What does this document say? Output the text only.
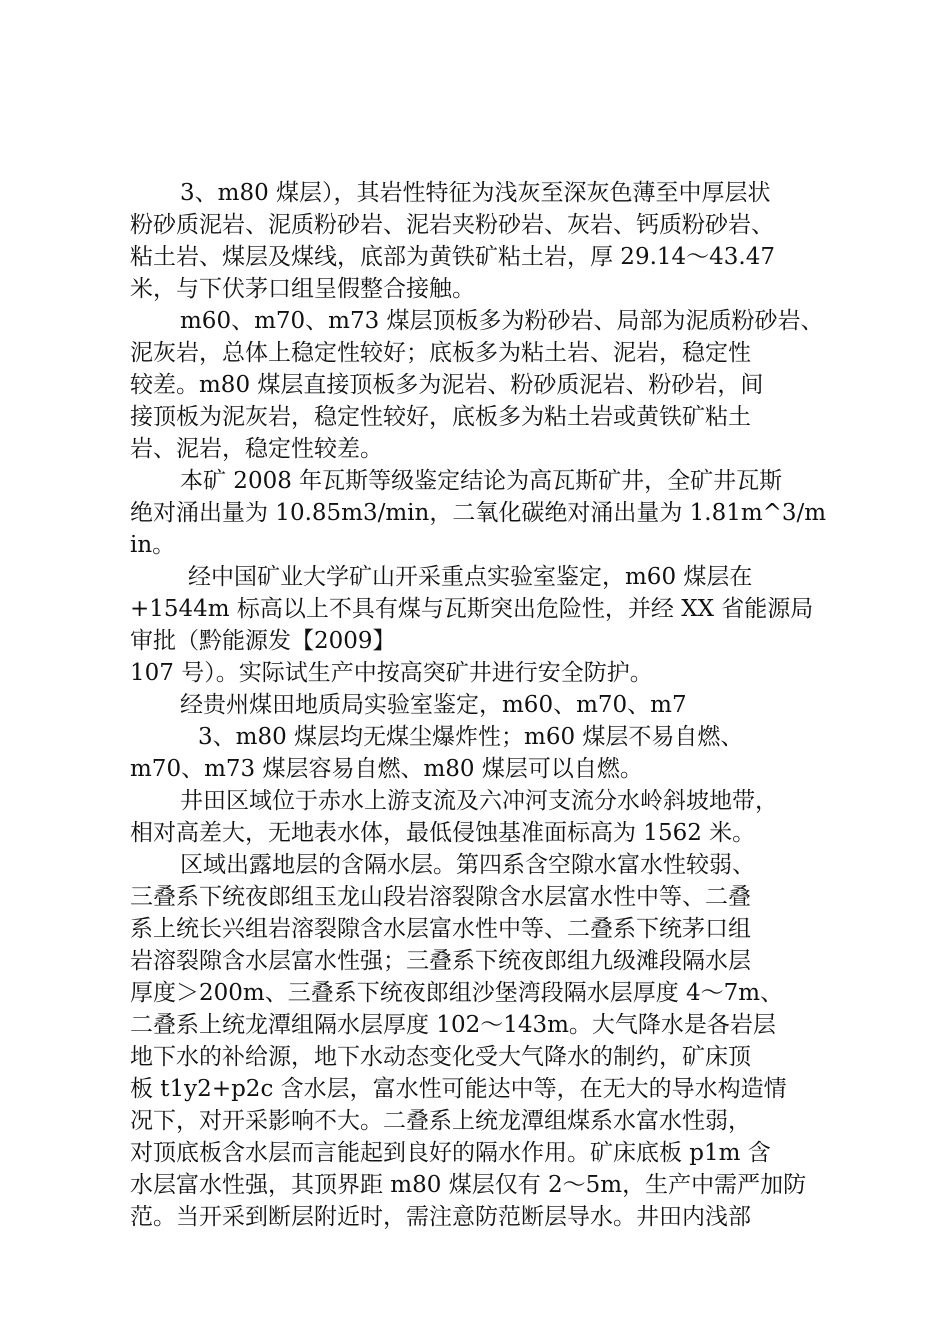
3、m80 煤层），其岩性特征为浅灰至深灰色薄至中厚层状
粉砂质泥岩、泥质粉砂岩、泥岩夹粉砂岩、灰岩、钙质粉砂岩、
粘土岩、煤层及煤线，底部为黄铁矿粘土岩，厚 29.14～43.47
米，与下伏茅口组呈假整合接触。
m60、m70、m73 煤层顶板多为粉砂岩、局部为泥质粉砂岩、
泥灰岩，总体上稳定性较好；底板多为粘土岩、泥岩，稳定性
较差。m80 煤层直接顶板多为泥岩、粉砂质泥岩、粉砂岩，间
接顶板为泥灰岩，稳定性较好，底板多为粘土岩或黄铁矿粘土
岩、泥岩，稳定性较差。
本矿 2008 年瓦斯等级鉴定结论为高瓦斯矿井，全矿井瓦斯
绝对涌出量为 10.85m3/min，二氧化碳绝对涌出量为 1.81m^3/m
in。
经中国矿业大学矿山开采重点实验室鉴定，m60 煤层在
+1544m 标高以上不具有煤与瓦斯突出危险性，并经 XX 省能源局
审批（黔能源发【2009】
107 号）。实际试生产中按高突矿井进行安全防护。
经贵州煤田地质局实验室鉴定，m60、m70、m7
3、m80 煤层均无煤尘爆炸性；m60 煤层不易自燃、
m70、m73 煤层容易自燃、m80 煤层可以自燃。
井田区域位于赤水上游支流及六冲河支流分水岭斜坡地带，
相对高差大，无地表水体，最低侵蚀基准面标高为 1562 米。
区域出露地层的含隔水层。第四系含空隙水富水性较弱、
三叠系下统夜郎组玉龙山段岩溶裂隙含水层富水性中等、二叠
系上统长兴组岩溶裂隙含水层富水性中等、二叠系下统茅口组
岩溶裂隙含水层富水性强；三叠系下统夜郎组九级滩段隔水层
厚度＞200m、三叠系下统夜郎组沙堡湾段隔水层厚度 4～7m、
二叠系上统龙潭组隔水层厚度 102～143m。大气降水是各岩层
地下水的补给源，地下水动态变化受大气降水的制约，矿床顶
板 t1y2+p2c 含水层，富水性可能达中等，在无大的导水构造情
况下，对开采影响不大。二叠系上统龙潭组煤系水富水性弱，
对顶底板含水层而言能起到良好的隔水作用。矿床底板 p1m 含
水层富水性强，其顶界距 m80 煤层仅有 2～5m，生产中需严加防
范。当开采到断层附近时，需注意防范断层导水。井田内浅部
